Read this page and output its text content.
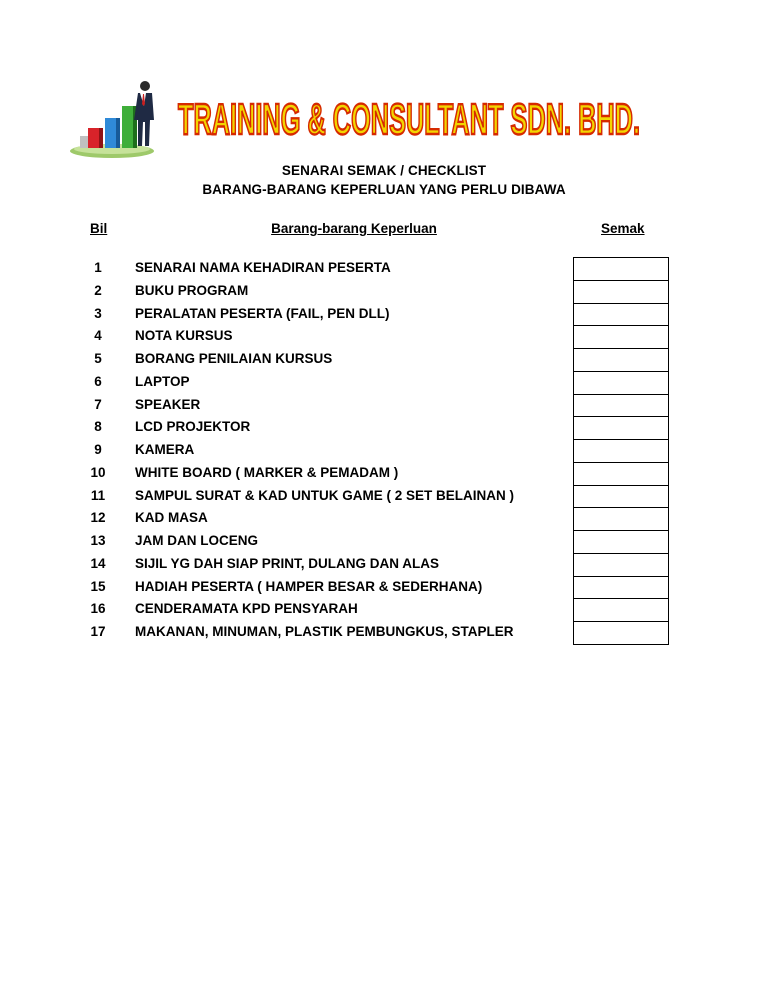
TRAINING & CONSULTANT SDN. BHD.
SENARAI SEMAK / CHECKLIST
BARANG-BARANG KEPERLUAN YANG PERLU DIBAWA
Bil	Barang-barang Keperluan	Semak
1	SENARAI NAMA KEHADIRAN PESERTA
2	BUKU PROGRAM
3	PERALATAN PESERTA (FAIL, PEN DLL)
4	NOTA KURSUS
5	BORANG PENILAIAN KURSUS
6	LAPTOP
7	SPEAKER
8	LCD PROJEKTOR
9	KAMERA
10	WHITE BOARD ( MARKER & PEMADAM )
11	SAMPUL SURAT & KAD UNTUK GAME ( 2 SET BELAINAN )
12	KAD MASA
13	JAM DAN LOCENG
14	SIJIL YG DAH SIAP PRINT, DULANG DAN ALAS
15	HADIAH PESERTA ( HAMPER BESAR & SEDERHANA)
16	CENDERAMATA KPD PENSYARAH
17	MAKANAN, MINUMAN, PLASTIK PEMBUNGKUS, STAPLER
